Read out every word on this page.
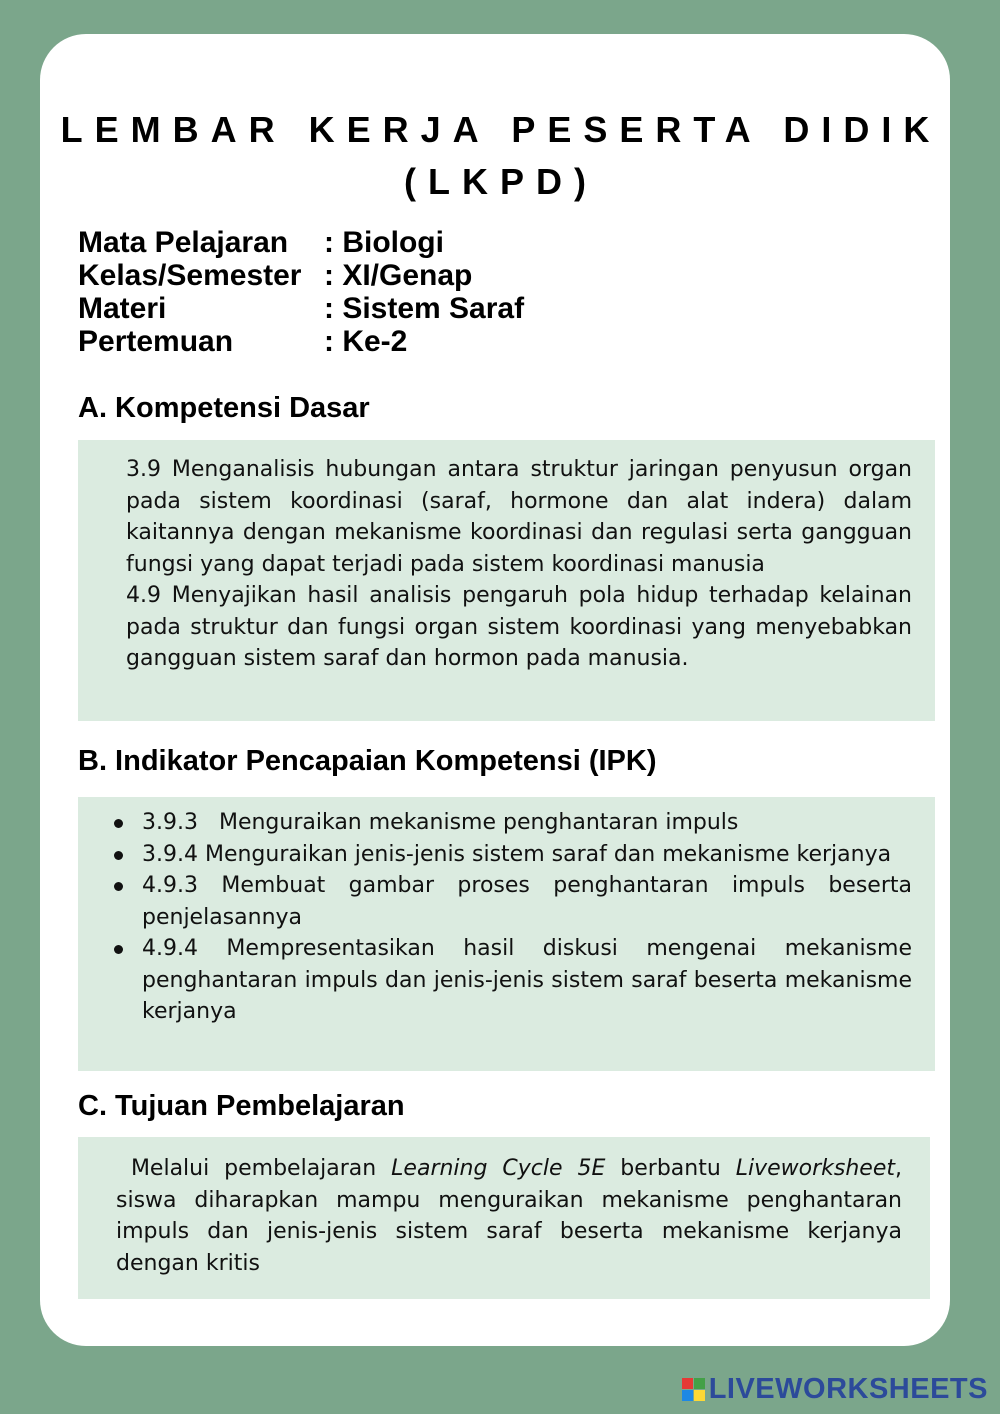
LEMBAR KERJA PESERTA DIDIK
(LKPD)
Mata Pelajaran	: Biologi
Kelas/Semester : XI/Genap
Materi	: Sistem Saraf
Pertemuan	: Ke-2
A. Kompetensi Dasar
3.9 Menganalisis hubungan antara struktur jaringan penyusun organ pada sistem koordinasi (saraf, hormone dan alat indera) dalam kaitannya dengan mekanisme koordinasi dan regulasi serta gangguan fungsi yang dapat terjadi pada sistem koordinasi manusia
4.9 Menyajikan hasil analisis pengaruh pola hidup terhadap kelainan pada struktur dan fungsi organ sistem koordinasi yang menyebabkan gangguan sistem saraf dan hormon pada manusia.
B. Indikator Pencapaian Kompetensi (IPK)
3.9.3   Menguraikan mekanisme penghantaran impuls
3.9.4 Menguraikan jenis-jenis sistem saraf dan mekanisme kerjanya
4.9.3 Membuat gambar proses penghantaran impuls beserta penjelasannya
4.9.4 Mempresentasikan hasil diskusi mengenai mekanisme penghantaran impuls dan jenis-jenis sistem saraf beserta mekanisme kerjanya
C. Tujuan Pembelajaran
Melalui pembelajaran Learning Cycle 5E berbantu Liveworksheet, siswa diharapkan mampu menguraikan mekanisme penghantaran impuls dan jenis-jenis sistem saraf beserta mekanisme kerjanya dengan kritis
LIVEWORKSHEETS
